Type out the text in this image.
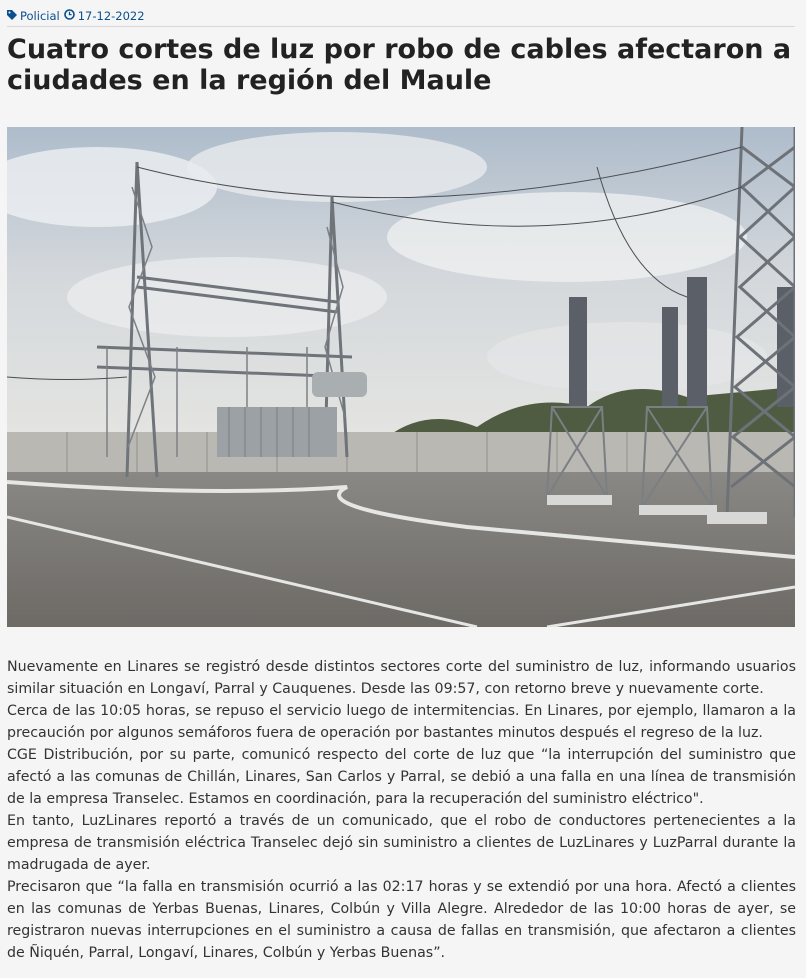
Policial 17-12-2022
Cuatro cortes de luz por robo de cables afectaron a ciudades en la región del Maule

Nuevamente en Linares se registró desde distintos sectores corte del suministro de luz, informando usuarios similar situación en Longaví, Parral y Cauquenes. Desde las 09:57, con retorno breve y nuevamente corte.

Cerca de las 10:05 horas, se repuso el servicio luego de intermitencias. En Linares, por ejemplo, llamaron a la precaución por algunos semáforos fuera de operación por bastantes minutos después el regreso de la luz.

CGE Distribución, por su parte, comunicó respecto del corte de luz que “la interrupción del suministro que afectó a las comunas de Chillán, Linares, San Carlos y Parral, se debió a una falla en una línea de transmisión de la empresa Transelec. Estamos en coordinación, para la recuperación del suministro eléctrico".

En tanto, LuzLinares reportó a través de un comunicado, que el robo de conductores pertenecientes a la empresa de transmisión eléctrica Transelec dejó sin suministro a clientes de LuzLinares y LuzParral durante la madrugada de ayer.

Precisaron que “la falla en transmisión ocurrió a las 02:17 horas y se extendió por una hora. Afectó a clientes en las comunas de Yerbas Buenas, Linares, Colbún y Villa Alegre. Alrededor de las 10:00 horas de ayer, se registraron nuevas interrupciones en el suministro a causa de fallas en transmisión, que afectaron a clientes de Ñiquén, Parral, Longaví, Linares, Colbún y Yerbas Buenas”.
